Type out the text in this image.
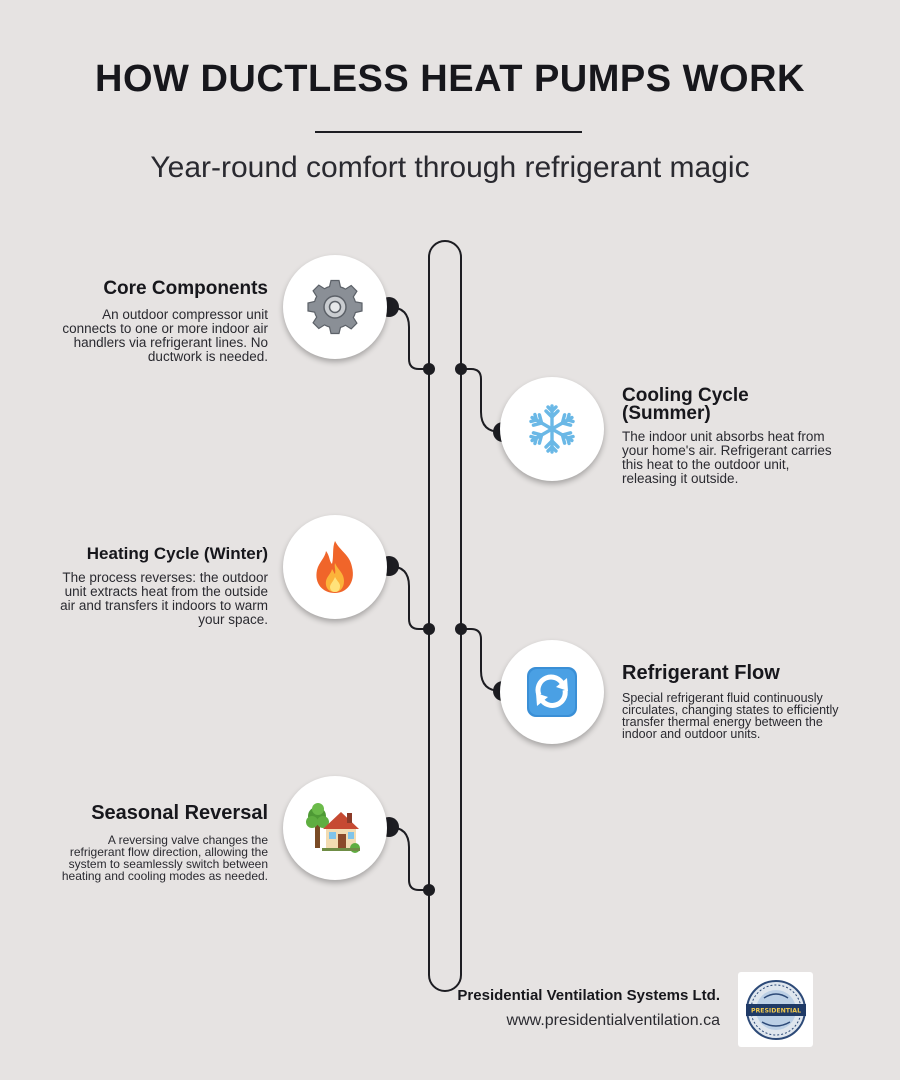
HOW DUCTLESS HEAT PUMPS WORK
Year-round comfort through refrigerant magic
Core Components
An outdoor compressor unit connects to one or more indoor air handlers via refrigerant lines. No ductwork is needed.
Cooling Cycle (Summer)
The indoor unit absorbs heat from your home's air. Refrigerant carries this heat to the outdoor unit, releasing it outside.
Heating Cycle (Winter)
The process reverses: the outdoor unit extracts heat from the outside air and transfers it indoors to warm your space.
Refrigerant Flow
Special refrigerant fluid continuously circulates, changing states to efficiently transfer thermal energy between the indoor and outdoor units.
Seasonal Reversal
A reversing valve changes the refrigerant flow direction, allowing the system to seamlessly switch between heating and cooling modes as needed.
Presidential Ventilation Systems Ltd.
www.presidentialventilation.ca
PRESIDENTIAL
